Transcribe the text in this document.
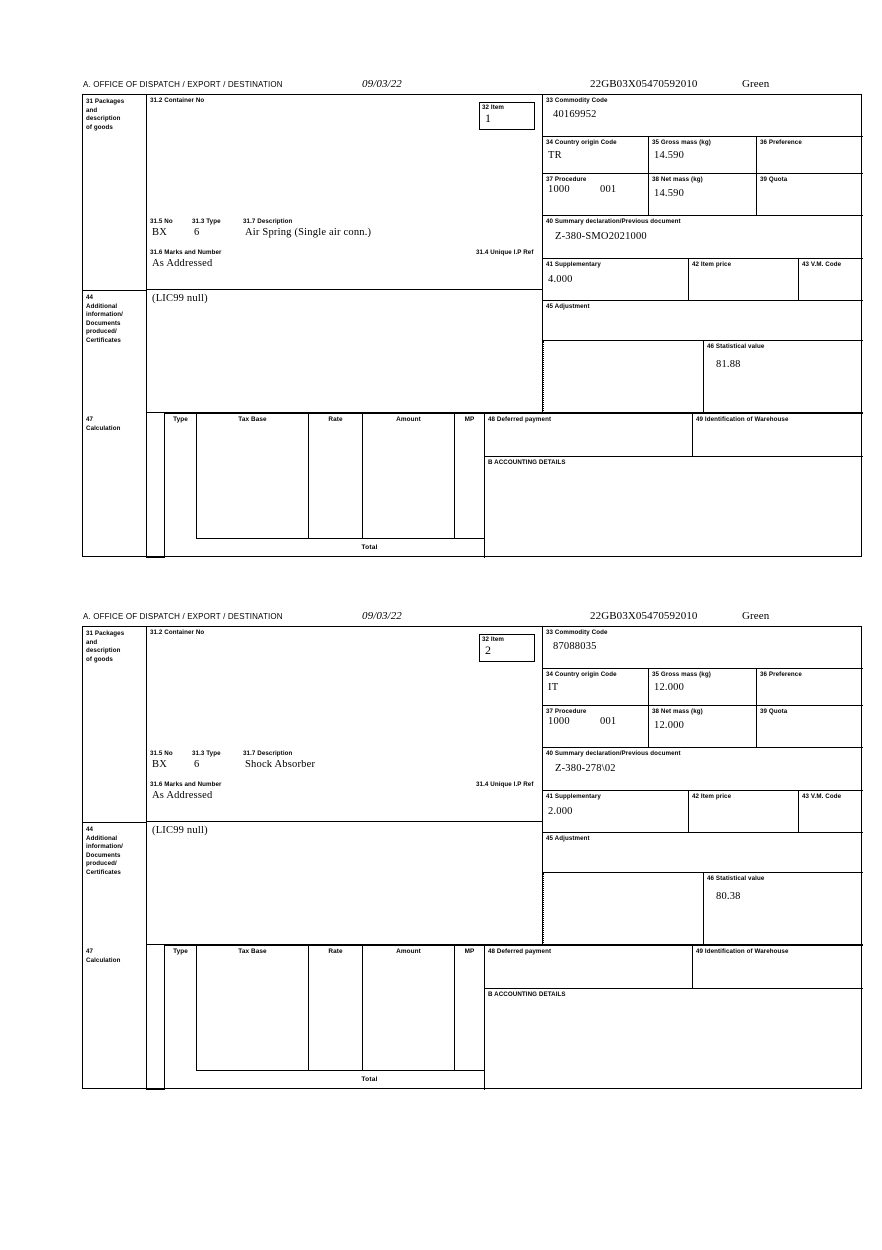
A. OFFICE OF DISPATCH / EXPORT / DESTINATION	09/03/22	22GB03X05470592010	Green
31 Packages
and
description
of goods
31.2 Container No
31.5 No	31.3 Type	31.7 Description
BX	6	Air Spring (Single air conn.)
31.6 Marks and Number	31.4 Unique I.P Ref
As Addressed
32 Item
1
33 Commodity Code
40169952
34 Country origin Code
TR
35 Gross mass (kg)
14.590
36 Preference
37 Procedure
1000	001
38 Net mass (kg)
14.590
39 Quota
40 Summary declaration/Previous document
Z-380-SMO2021000
41 Supplementary
4.000
42 Item price	43 V.M. Code
45 Adjustment
46 Statistical value
81.88
44
Additional
information/
Documents
produced/
Certificates
(LIC99 null)
47
Calculation
Type	Tax Base	Rate	Amount	MP
Total
48 Deferred payment	49 Identification of Warehouse
B ACCOUNTING DETAILS
A. OFFICE OF DISPATCH / EXPORT / DESTINATION	09/03/22	22GB03X05470592010	Green
31 Packages
and
description
of goods
31.2 Container No
31.5 No	31.3 Type	31.7 Description
BX	6	Shock Absorber
31.6 Marks and Number	31.4 Unique I.P Ref
As Addressed
32 Item
2
33 Commodity Code
87088035
34 Country origin Code
IT
35 Gross mass (kg)
12.000
36 Preference
37 Procedure
1000	001
38 Net mass (kg)
12.000
39 Quota
40 Summary declaration/Previous document
Z-380-278\02
41 Supplementary
2.000
42 Item price	43 V.M. Code
45 Adjustment
46 Statistical value
80.38
44
Additional
information/
Documents
produced/
Certificates
(LIC99 null)
47
Calculation
Type	Tax Base	Rate	Amount	MP
Total
48 Deferred payment	49 Identification of Warehouse
B ACCOUNTING DETAILS
